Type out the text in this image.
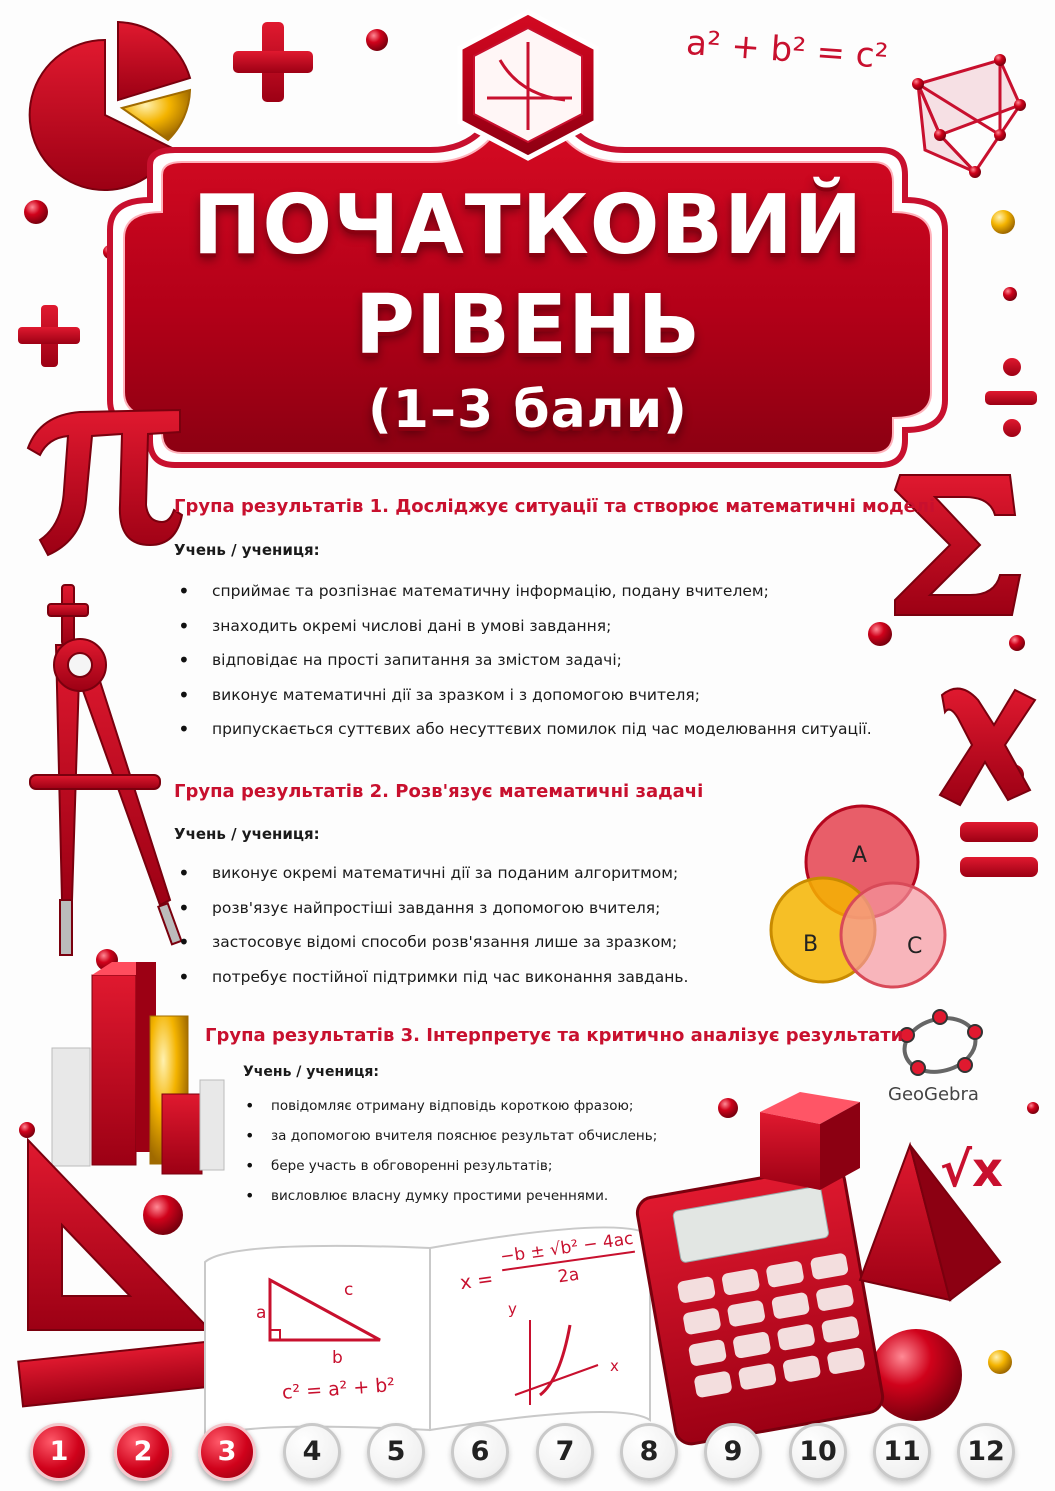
a² + b² = c²
A
B	C
GeoGebra
√x
a
c
b
c² = a² + b²
x =
−b ± √b² − 4ac
2a
y
x
ПОЧАТКОВИЙ
РІВЕНЬ
(1–3 бали)
Група результатів 1. Досліджує ситуації та створює математичні моделі
Учень / учениця:
• сприймає та розпізнає математичну інформацію, подану вчителем;
• знаходить окремі числові дані в умові завдання;
• відповідає на прості запитання за змістом задачі;
• виконує математичні дії за зразком і з допомогою вчителя;
• припускається суттєвих або несуттєвих помилок під час моделювання ситуації.
Група результатів 2. Розв'язує математичні задачі
Учень / учениця:
• виконує окремі математичні дії за поданим алгоритмом;
• розв'язує найпростіші завдання з допомогою вчителя;
• застосовує відомі способи розв'язання лише за зразком;
• потребує постійної підтримки під час виконання завдань.
Група результатів 3. Інтерпретує та критично аналізує результати
Учень / учениця:
• повідомляє отриману відповідь короткою фразою;
• за допомогою вчителя пояснює результат обчислень;
• бере участь в обговоренні результатів;
• висловлює власну думку простими реченнями.
1	2	3	4	5	6	7	8	9	10	11	12
